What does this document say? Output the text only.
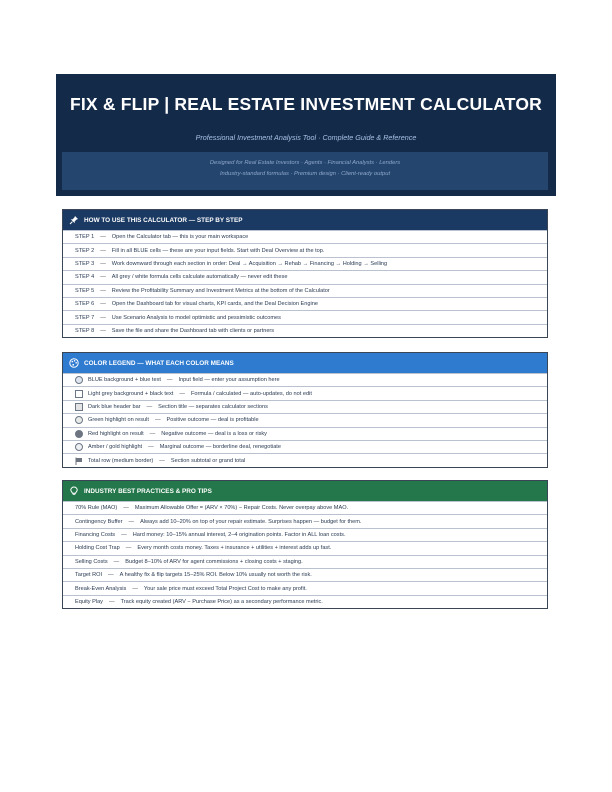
FIX & FLIP | REAL ESTATE INVESTMENT CALCULATOR
Professional Investment Analysis Tool · Complete Guide & Reference
Designed for Real Estate Investors · Agents · Financial Analysts · Lenders
Industry-standard formulas · Premium design · Client-ready output
HOW TO USE THIS CALCULATOR — STEP BY STEP
STEP 1 — Open the Calculator tab — this is your main workspace
STEP 2 — Fill in all BLUE cells — these are your input fields. Start with Deal Overview at the top.
STEP 3 — Work downward through each section in order: Deal → Acquisition → Rehab → Financing → Holding → Selling
STEP 4 — All grey / white formula cells calculate automatically — never edit these
STEP 5 — Review the Profitability Summary and Investment Metrics at the bottom of the Calculator
STEP 6 — Open the Dashboard tab for visual charts, KPI cards, and the Deal Decision Engine
STEP 7 — Use Scenario Analysis to model optimistic and pessimistic outcomes
STEP 8 — Save the file and share the Dashboard tab with clients or partners
COLOR LEGEND — WHAT EACH COLOR MEANS
BLUE background + blue text — Input field — enter your assumption here
Light grey background + black text — Formula / calculated — auto-updates, do not edit
Dark blue header bar — Section title — separates calculator sections
Green highlight on result — Positive outcome — deal is profitable
Red highlight on result — Negative outcome — deal is a loss or risky
Amber / gold highlight — Marginal outcome — borderline deal, renegotiate
Total row (medium border) — Section subtotal or grand total
INDUSTRY BEST PRACTICES & PRO TIPS
70% Rule (MAO) — Maximum Allowable Offer = (ARV × 70%) − Repair Costs. Never overpay above MAO.
Contingency Buffer — Always add 10–20% on top of your repair estimate. Surprises happen — budget for them.
Financing Costs — Hard money: 10–15% annual interest, 2–4 origination points. Factor in ALL loan costs.
Holding Cost Trap — Every month costs money. Taxes + insurance + utilities + interest adds up fast.
Selling Costs — Budget 8–10% of ARV for agent commissions + closing costs + staging.
Target ROI — A healthy fix & flip targets 15–25% ROI. Below 10% usually not worth the risk.
Break-Even Analysis — Your sale price must exceed Total Project Cost to make any profit.
Equity Play — Track equity created (ARV − Purchase Price) as a secondary performance metric.
